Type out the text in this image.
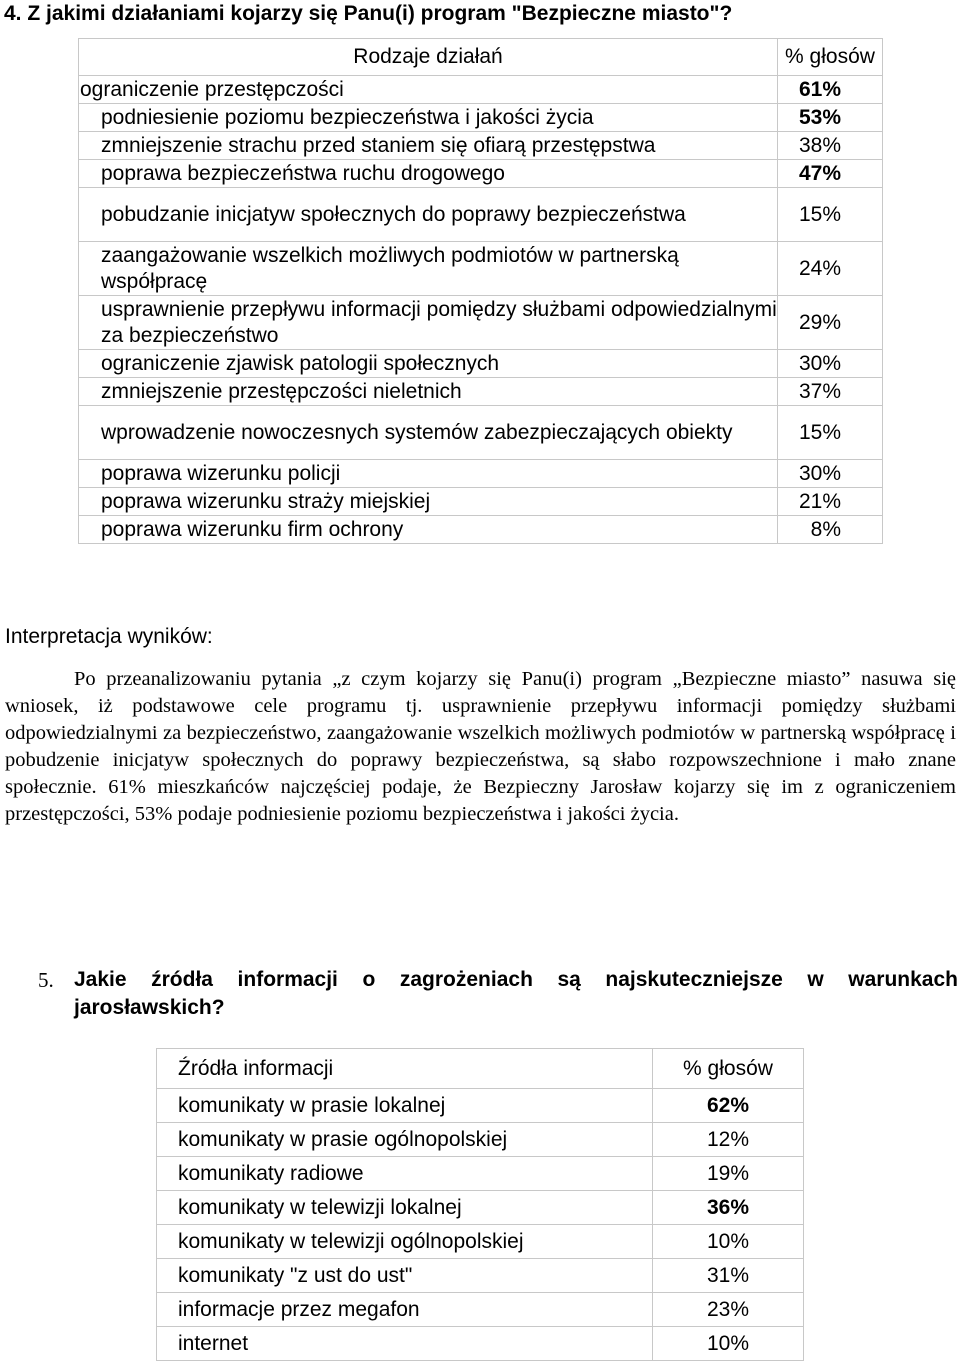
4. Z jakimi działaniami kojarzy się Panu(i) program "Bezpieczne miasto"?
Rodzaje działań	% głosów
ograniczenie przestępczości	61%
podniesienie poziomu bezpieczeństwa i jakości życia	53%
zmniejszenie strachu przed staniem się ofiarą przestępstwa	38%
poprawa bezpieczeństwa ruchu drogowego	47%
pobudzanie inicjatyw społecznych do poprawy bezpieczeństwa	15%
zaangażowanie wszelkich możliwych podmiotów w partnerską współpracę	24%
usprawnienie przepływu informacji pomiędzy służbami odpowiedzialnymi za bezpieczeństwo	29%
ograniczenie zjawisk patologii społecznych	30%
zmniejszenie przestępczości nieletnich	37%
wprowadzenie nowoczesnych systemów zabezpieczających obiekty	15%
poprawa wizerunku policji	30%
poprawa wizerunku straży miejskiej	21%
poprawa wizerunku firm ochrony	8%
Interpretacja wyników:

Po przeanalizowaniu pytania „z czym kojarzy się Panu(i) program „Bezpieczne miasto” nasuwa się wniosek, iż podstawowe cele programu tj. usprawnienie przepływu informacji pomiędzy służbami odpowiedzialnymi za bezpieczeństwo, zaangażowanie wszelkich możliwych podmiotów w partnerską współpracę i pobudzenie inicjatyw społecznych do poprawy bezpieczeństwa, są słabo rozpowszechnione i mało znane społecznie. 61% mieszkańców najczęściej podaje, że Bezpieczny Jarosław kojarzy się im z ograniczeniem przestępczości, 53% podaje podniesienie poziomu bezpieczeństwa i jakości życia.

5. Jakie źródła informacji o zagrożeniach są najskuteczniejsze w warunkach jarosławskich?
Źródła informacji	% głosów
komunikaty w prasie lokalnej	62%
komunikaty w prasie ogólnopolskiej	12%
komunikaty radiowe	19%
komunikaty w telewizji lokalnej	36%
komunikaty w telewizji ogólnopolskiej	10%
komunikaty "z ust do ust"	31%
informacje przez megafon	23%
internet	10%
